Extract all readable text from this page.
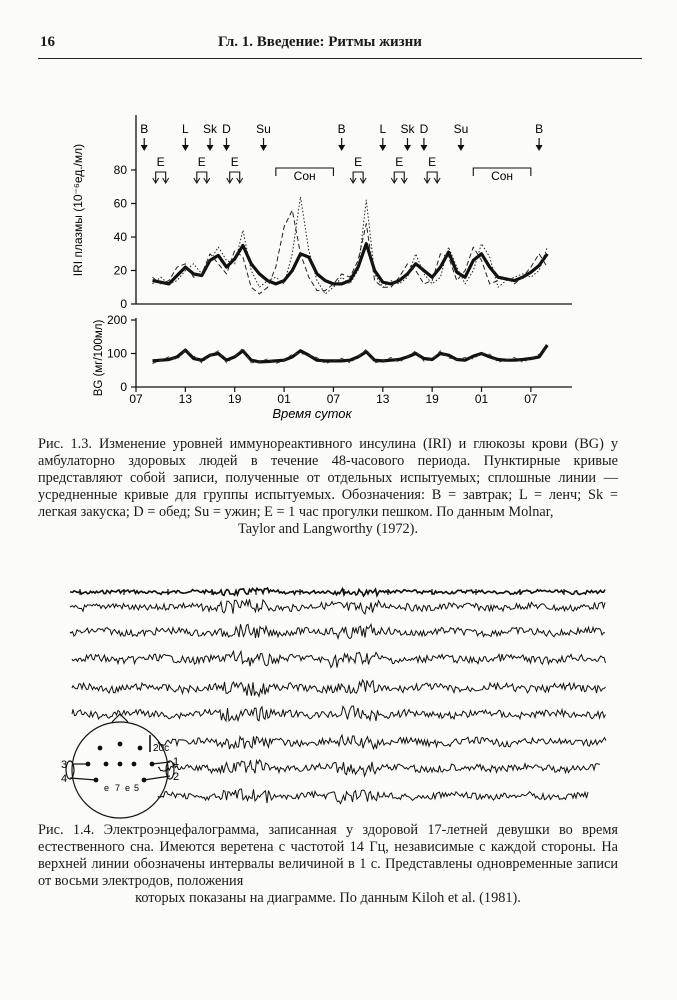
16	Гл. 1. Введение: Ритмы жизни
80
60
40
20
0
200
100
0
07	13	19	01	07	13	19	01	07
B	L Sk D Su	B	L Sk D Su	B
E	E E	E	E E
Сон	Сон
IRI плазмы (10⁻⁶ед./мл)
BG (мг/100мл)
Время суток
Рис. 1.3. Изменение уровней иммунореактивного инсулина (IRI) и глюкозы крови (BG) у амбулаторно здоровых людей в течение 48-часового периода. Пунктирные кривые представляют собой записи, полученные от отдельных испытуемых; сплошные линии — усредненные кривые для группы испытуемых. Обозначения: B = завтрак; L = ленч; Sk = легкая закуска; D = обед; Su = ужин; E = 1 час прогулки пешком. По данным Molnar,
Taylor and Langworthy (1972).
3
4
1
2
e 7 e 5
20c
Рис. 1.4. Электроэнцефалограмма, записанная у здоровой 17-летней девушки во время естественного сна. Имеются веретена с частотой 14 Гц, независимые с каждой стороны. На верхней линии обозначены интервалы величиной в 1 с. Представлены одновременные записи от восьми электродов, положения
которых показаны на диаграмме. По данным Kiloh et al. (1981).
